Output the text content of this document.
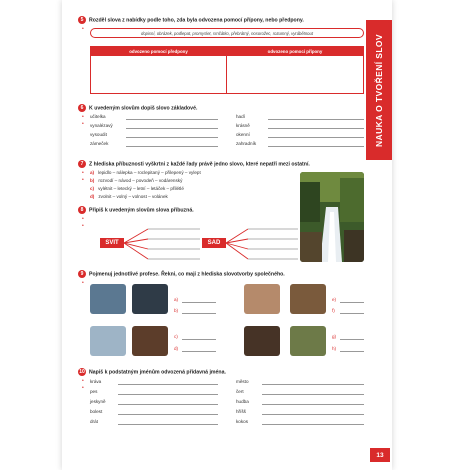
NAUKA O TVOŘENÍ SLOV
5 Rozděl slova z nabídky podle toho, zda byla odvozena pomocí přípony, nebo předpony.
•
dopisní, obrázek, podlepat, promyslet, srnčátko, přebrátný, nosorožec, rozumný, vyrábětnout
odvozeno pomocí předpony	odvozeno pomocí přípony
6 K uvedeným slovům dopiš slovo základové.
•
•
učitelka
vynalézavý
vysoudit
zámeček
hadí
krásně
okenní
zahradník
7 Z hlediska příbuznosti vyškrtni z každé řady právě jedno slovo, které nepatří mezi ostatní.
•
•
a) lepidlo – nálepka – roclepitaný – přilepený – vylept
b) rozvodí – návod – povodeň – vodárenský
c) vylétnit – letecký – letní – letáček – přilétlé
d) zvolnit – volný – volnost – volánek
8 Připiš k uvedeným slovům slova příbuzná.
•
•
SVIT	SAD
9 Pojmenuj jednotlivé profese. Řekni, co mají z hlediska slovotvorby společného.
•
a)
b)
e)
f)
c)
d)
g)
h)
10 Napiš k podstatným jménům odvozená přídavná jména.
•
•
kráva
pes
jeskyně
bolest
drát
město
čert
hudba
hříšš
kokos
13
